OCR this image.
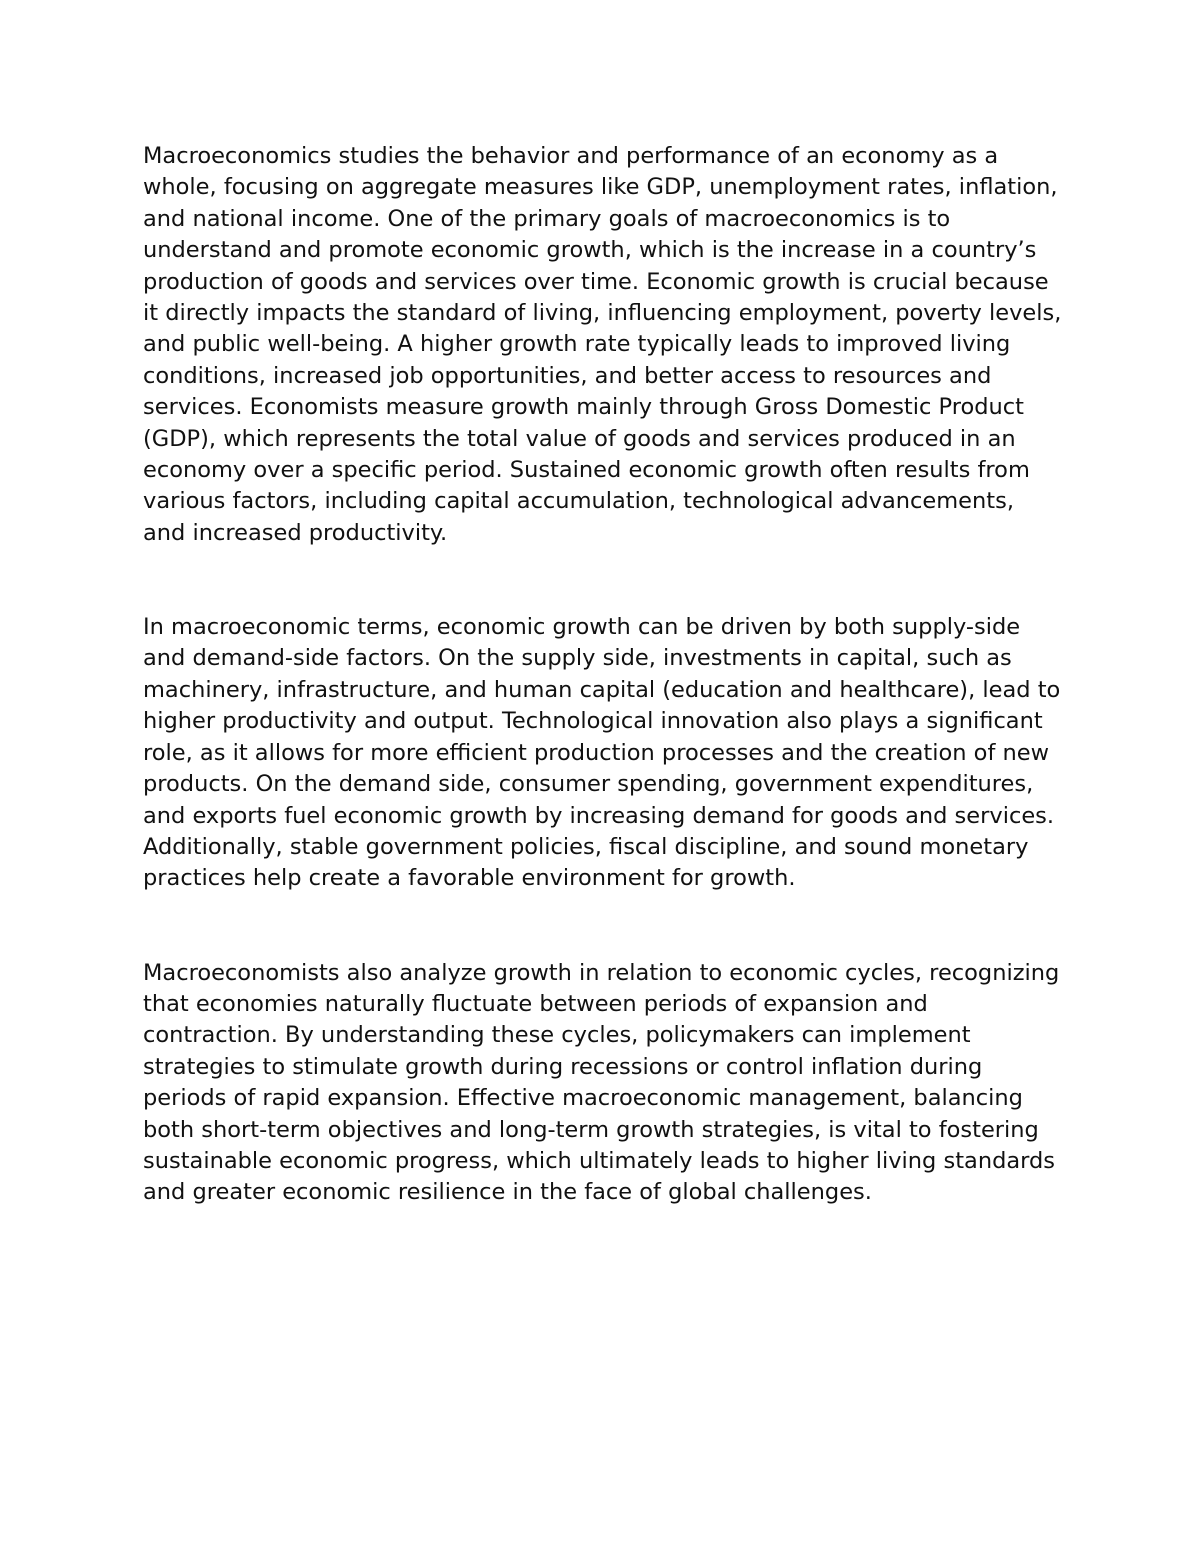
Macroeconomics studies the behavior and performance of an economy as a whole, focusing on aggregate measures like GDP, unemployment rates, inflation, and national income. One of the primary goals of macroeconomics is to understand and promote economic growth, which is the increase in a country’s production of goods and services over time. Economic growth is crucial because it directly impacts the standard of living, influencing employment, poverty levels, and public well-being. A higher growth rate typically leads to improved living conditions, increased job opportunities, and better access to resources and services. Economists measure growth mainly through Gross Domestic Product (GDP), which represents the total value of goods and services produced in an economy over a specific period. Sustained economic growth often results from various factors, including capital accumulation, technological advancements, and increased productivity.

In macroeconomic terms, economic growth can be driven by both supply-side and demand-side factors. On the supply side, investments in capital, such as machinery, infrastructure, and human capital (education and healthcare), lead to higher productivity and output. Technological innovation also plays a significant role, as it allows for more efficient production processes and the creation of new products. On the demand side, consumer spending, government expenditures, and exports fuel economic growth by increasing demand for goods and services. Additionally, stable government policies, fiscal discipline, and sound monetary practices help create a favorable environment for growth.

Macroeconomists also analyze growth in relation to economic cycles, recognizing that economies naturally fluctuate between periods of expansion and contraction. By understanding these cycles, policymakers can implement strategies to stimulate growth during recessions or control inflation during periods of rapid expansion. Effective macroeconomic management, balancing both short-term objectives and long-term growth strategies, is vital to fostering sustainable economic progress, which ultimately leads to higher living standards and greater economic resilience in the face of global challenges.
